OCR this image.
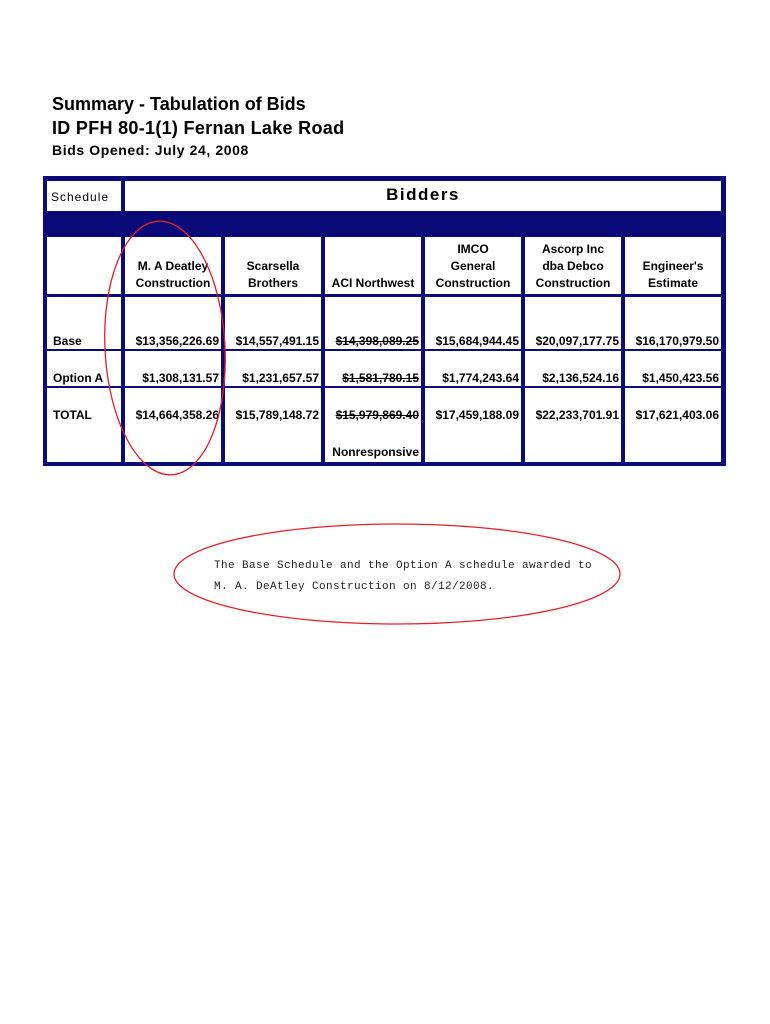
Summary - Tabulation of Bids
ID PFH 80-1(1) Fernan Lake Road
Bids Opened: July 24, 2008
Schedule	Bidders
Base
Option A
TOTAL
M. A Deatley
Construction
Scarsella
Brothers	ACI Northwest
IMCO
General
Construction
Ascorp Inc
dba Debco
Construction
Engineer's
Estimate
$13,356,226.69
$1,308,131.57
$14,664,358.26
$14,557,491.15
$1,231,657.57
$15,789,148.72
$14,398,089.25
$1,581,780.15
$15,979,869.40
Nonresponsive
$15,684,944.45
$1,774,243.64
$17,459,188.09
$20,097,177.75
$2,136,524.16
$22,233,701.91
$16,170,979.50
$1,450,423.56
$17,621,403.06
The Base Schedule and the Option A schedule awarded to
M. A. DeAtley Construction on 8/12/2008.
